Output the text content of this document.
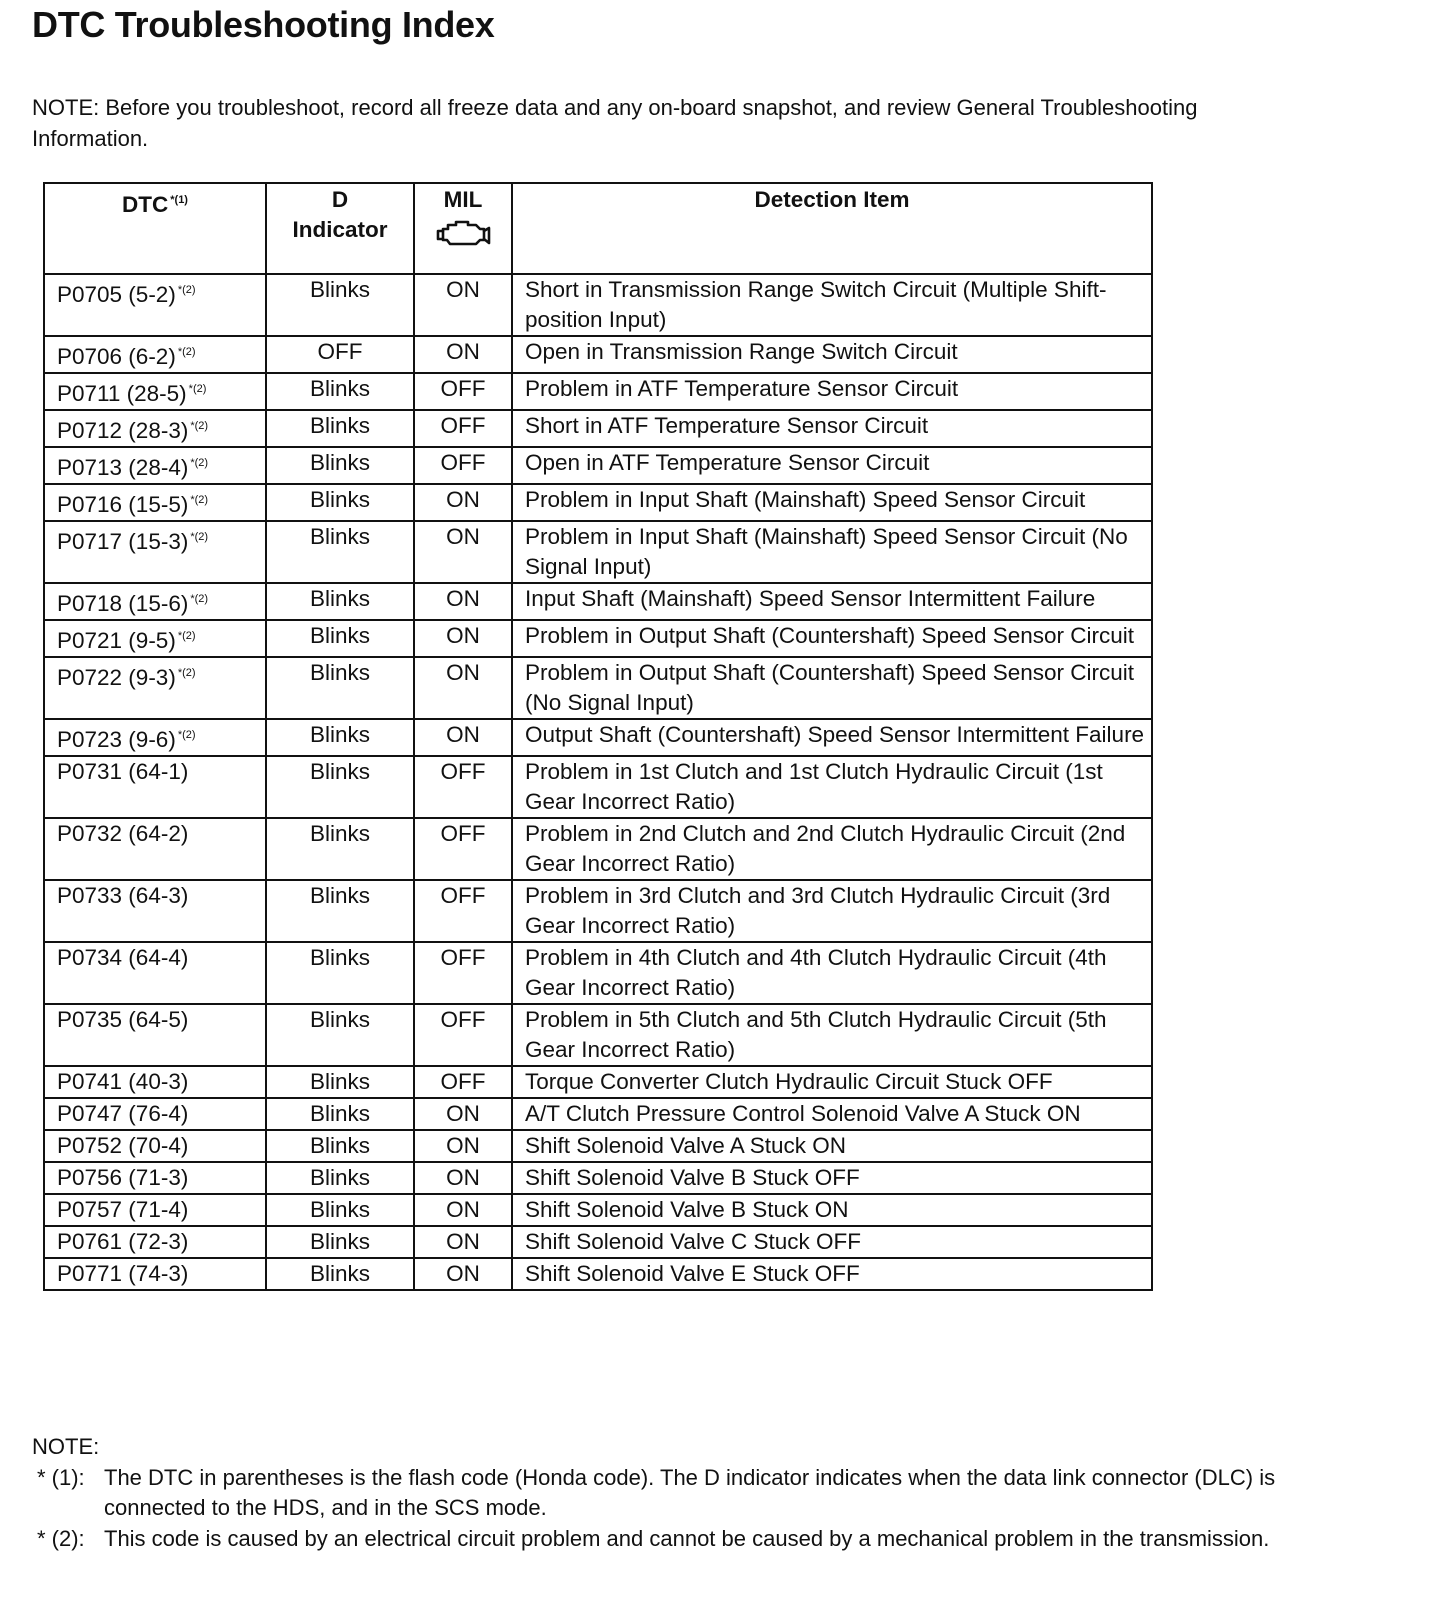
DTC Troubleshooting Index
NOTE: Before you troubleshoot, record all freeze data and any on-board snapshot, and review General Troubleshooting Information.
DTC $^{*(1)}$	D Indicator	MIL	Detection Item
P0705 (5-2) $^{*(2)}$	Blinks	ON	Short in Transmission Range Switch Circuit (Multiple Shift-position Input)
P0706 (6-2) $^{*(2)}$	OFF	ON	Open in Transmission Range Switch Circuit
P0711 (28-5) $^{*(2)}$	Blinks	OFF	Problem in ATF Temperature Sensor Circuit
P0712 (28-3) $^{*(2)}$	Blinks	OFF	Short in ATF Temperature Sensor Circuit
P0713 (28-4) $^{*(2)}$	Blinks	OFF	Open in ATF Temperature Sensor Circuit
P0716 (15-5) $^{*(2)}$	Blinks	ON	Problem in Input Shaft (Mainshaft) Speed Sensor Circuit
P0717 (15-3) $^{*(2)}$	Blinks	ON	Problem in Input Shaft (Mainshaft) Speed Sensor Circuit (No Signal Input)
P0718 (15-6) $^{*(2)}$	Blinks	ON	Input Shaft (Mainshaft) Speed Sensor Intermittent Failure
P0721 (9-5) $^{*(2)}$	Blinks	ON	Problem in Output Shaft (Countershaft) Speed Sensor Circuit
P0722 (9-3) $^{*(2)}$	Blinks	ON	Problem in Output Shaft (Countershaft) Speed Sensor Circuit (No Signal Input)
P0723 (9-6) $^{*(2)}$	Blinks	ON	Output Shaft (Countershaft) Speed Sensor Intermittent Failure
P0731 (64-1)	Blinks	OFF	Problem in 1st Clutch and 1st Clutch Hydraulic Circuit (1st Gear Incorrect Ratio)
P0732 (64-2)	Blinks	OFF	Problem in 2nd Clutch and 2nd Clutch Hydraulic Circuit (2nd Gear Incorrect Ratio)
P0733 (64-3)	Blinks	OFF	Problem in 3rd Clutch and 3rd Clutch Hydraulic Circuit (3rd Gear Incorrect Ratio)
P0734 (64-4)	Blinks	OFF	Problem in 4th Clutch and 4th Clutch Hydraulic Circuit (4th Gear Incorrect Ratio)
P0735 (64-5)	Blinks	OFF	Problem in 5th Clutch and 5th Clutch Hydraulic Circuit (5th Gear Incorrect Ratio)
P0741 (40-3)	Blinks	OFF	Torque Converter Clutch Hydraulic Circuit Stuck OFF
P0747 (76-4)	Blinks	ON	A/T Clutch Pressure Control Solenoid Valve A Stuck ON
P0752 (70-4)	Blinks	ON	Shift Solenoid Valve A Stuck ON
P0756 (71-3)	Blinks	ON	Shift Solenoid Valve B Stuck OFF
P0757 (71-4)	Blinks	ON	Shift Solenoid Valve B Stuck ON
P0761 (72-3)	Blinks	ON	Shift Solenoid Valve C Stuck OFF
P0771 (74-3)	Blinks	ON	Shift Solenoid Valve E Stuck OFF
NOTE:
* (1): The DTC in parentheses is the flash code (Honda code). The D indicator indicates when the data link connector (DLC) is connected to the HDS, and in the SCS mode.
* (2): This code is caused by an electrical circuit problem and cannot be caused by a mechanical problem in the transmission.
